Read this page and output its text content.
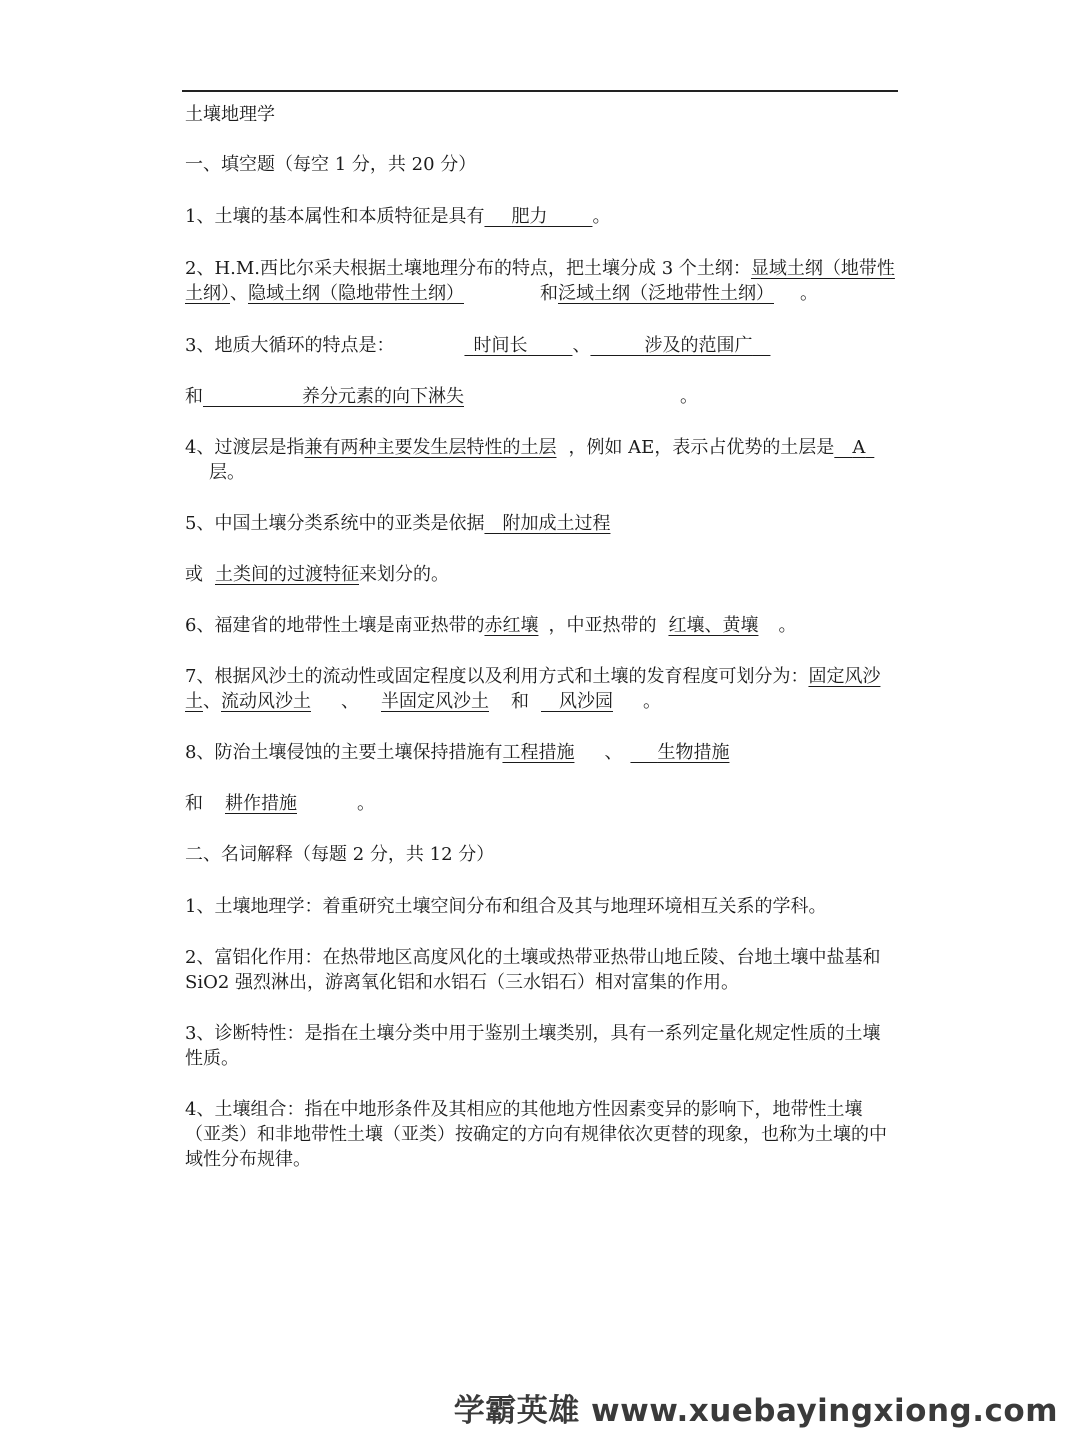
土壤地理学

一、填空题（每空 1 分，共 20 分）

1、土壤的基本属性和本质特征是具有   肥力   	。

2、H.M.西比尔采夫根据土壤地理分布的特点，把土壤分成 3 个土纲：显域土纲（地带性土纲）、隐域土纲（隐地带性土纲）	和泛域土纲（泛地带性土纲） 。

3、地质大循环的特点是： 	时间长   	、   	涉及的范围广 

和      	养分元素的向下淋失	。

4、过渡层是指兼有两种主要发生层特性的土层 ，例如 AE，表示占优势的土层是   A 层。

5、中国土壤分类系统中的亚类是依据   附加成土过程

或 土类间的过渡特征来划分的。

6、福建省的地带性土壤是南亚热带的赤红壤 ，中亚热带的 红壤、黄壤 。

7、根据风沙土的流动性或固定程度以及利用方式和土壤的发育程度可划分为：固定风沙土、流动风沙土 、 半固定风沙土 和   风沙园 。

8、防治土壤侵蚀的主要土壤保持措施有工程措施 、   生物措施

和 耕作措施	。

二、名词解释（每题 2 分，共 12 分）

1、土壤地理学：着重研究土壤空间分布和组合及其与地理环境相互关系的学科。

2、富铝化作用：在热带地区高度风化的土壤或热带亚热带山地丘陵、台地土壤中盐基和 SiO2 强烈淋出，游离氧化铝和水铝石（三水铝石）相对富集的作用。

3、诊断特性：是指在土壤分类中用于鉴别土壤类别，具有一系列定量化规定性质的土壤性质。

4、土壤组合：指在中地形条件及其相应的其他地方性因素变异的影响下，地带性土壤（亚类）和非地带性土壤（亚类）按确定的方向有规律依次更替的现象，也称为土壤的中域性分布规律。

学霸英雄 www.xuebayingxiong.com
